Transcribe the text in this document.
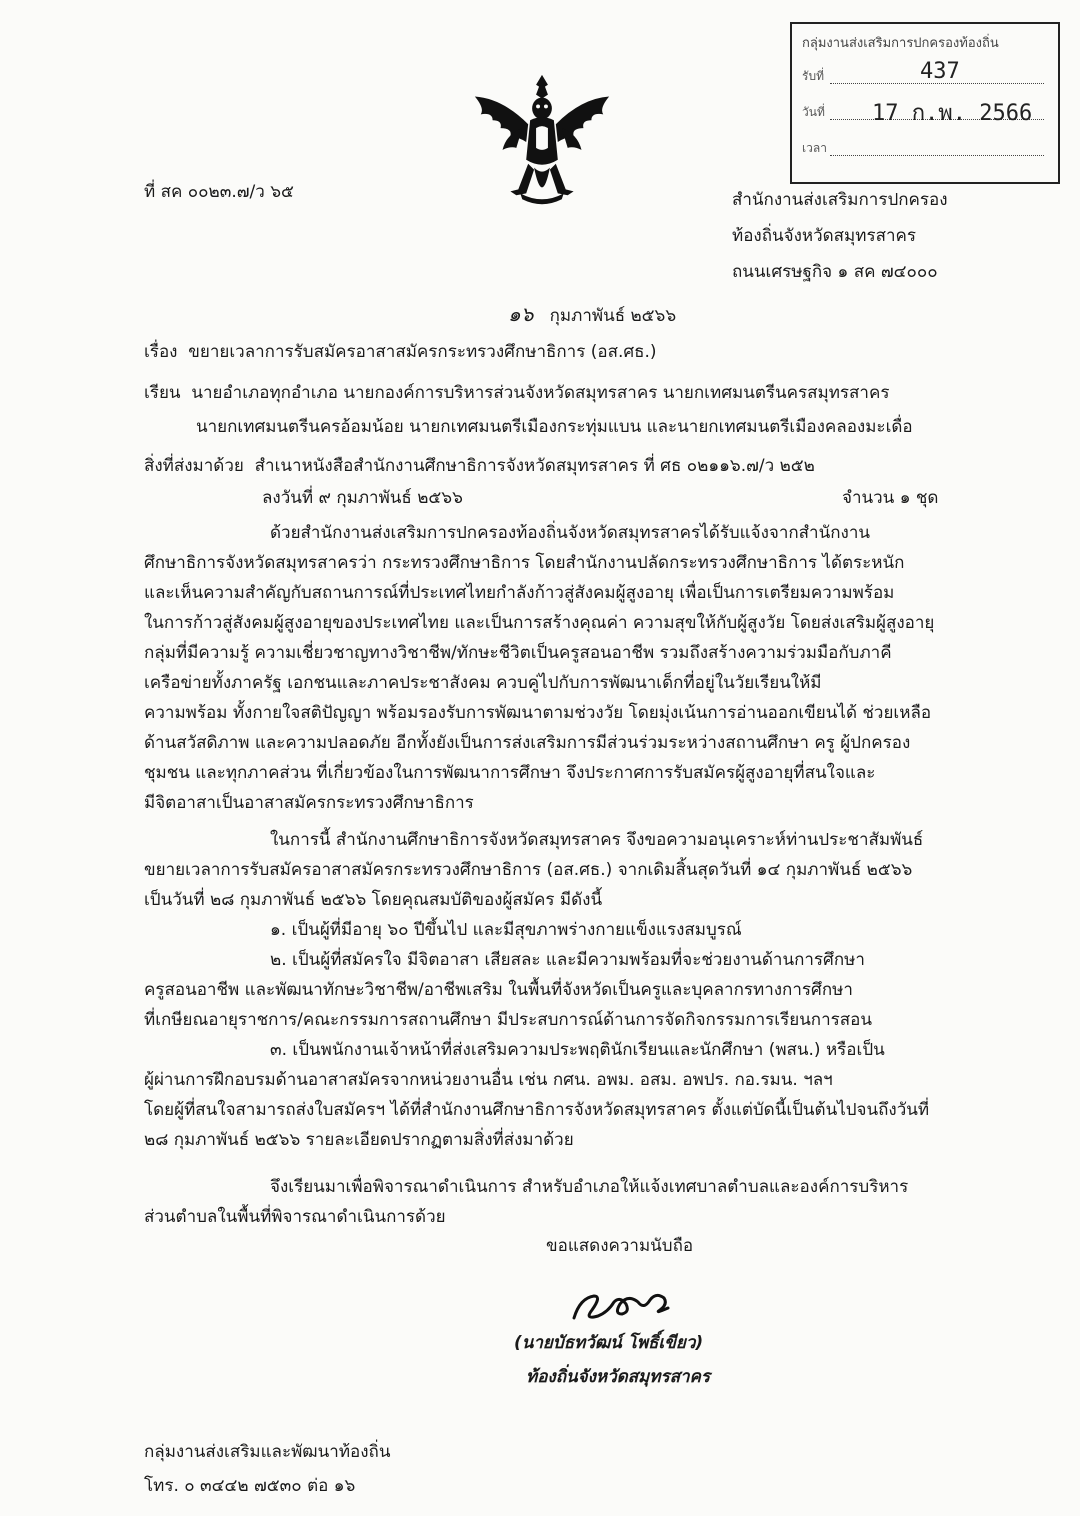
กลุ่มงานส่งเสริมการปกครองท้องถิ่น
รับที่	437
วันที่ 17 ก.พ. 2566
เวลา
ที่ สค ๐๐๒๓.๗/ว ๖๕	สำนักงานส่งเสริมการปกครอง
ท้องถิ่นจังหวัดสมุทรสาคร
ถนนเศรษฐกิจ ๑ สค ๗๔๐๐๐
๑๖ กุมภาพันธ์ ๒๕๖๖
เรื่อง ขยายเวลาการรับสมัครอาสาสมัครกระทรวงศึกษาธิการ (อส.ศธ.)
เรียน นายอำเภอทุกอำเภอ นายกองค์การบริหารส่วนจังหวัดสมุทรสาคร นายกเทศมนตรีนครสมุทรสาคร
นายกเทศมนตรีนครอ้อมน้อย นายกเทศมนตรีเมืองกระทุ่มแบน และนายกเทศมนตรีเมืองคลองมะเดื่อ
สิ่งที่ส่งมาด้วย สำเนาหนังสือสำนักงานศึกษาธิการจังหวัดสมุทรสาคร ที่ ศธ ๐๒๑๑๖.๗/ว ๒๕๒
ลงวันที่ ๙ กุมภาพันธ์ ๒๕๖๖	จำนวน ๑ ชุด
ด้วยสำนักงานส่งเสริมการปกครองท้องถิ่นจังหวัดสมุทรสาครได้รับแจ้งจากสำนักงาน
ศึกษาธิการจังหวัดสมุทรสาครว่า กระทรวงศึกษาธิการ โดยสำนักงานปลัดกระทรวงศึกษาธิการ ได้ตระหนัก
และเห็นความสำคัญกับสถานการณ์ที่ประเทศไทยกำลังก้าวสู่สังคมผู้สูงอายุ เพื่อเป็นการเตรียมความพร้อม
ในการก้าวสู่สังคมผู้สูงอายุของประเทศไทย และเป็นการสร้างคุณค่า ความสุขให้กับผู้สูงวัย โดยส่งเสริมผู้สูงอายุ
กลุ่มที่มีความรู้ ความเชี่ยวชาญทางวิชาชีพ/ทักษะชีวิตเป็นครูสอนอาชีพ รวมถึงสร้างความร่วมมือกับภาคี
เครือข่ายทั้งภาครัฐ เอกชนและภาคประชาสังคม ควบคู่ไปกับการพัฒนาเด็กที่อยู่ในวัยเรียนให้มี
ความพร้อม ทั้งกายใจสติปัญญา พร้อมรองรับการพัฒนาตามช่วงวัย โดยมุ่งเน้นการอ่านออกเขียนได้ ช่วยเหลือ
ด้านสวัสดิภาพ และความปลอดภัย อีกทั้งยังเป็นการส่งเสริมการมีส่วนร่วมระหว่างสถานศึกษา ครู ผู้ปกครอง
ชุมชน และทุกภาคส่วน ที่เกี่ยวข้องในการพัฒนาการศึกษา จึงประกาศการรับสมัครผู้สูงอายุที่สนใจและ
มีจิตอาสาเป็นอาสาสมัครกระทรวงศึกษาธิการ
ในการนี้ สำนักงานศึกษาธิการจังหวัดสมุทรสาคร จึงขอความอนุเคราะห์ท่านประชาสัมพันธ์
ขยายเวลาการรับสมัครอาสาสมัครกระทรวงศึกษาธิการ (อส.ศธ.) จากเดิมสิ้นสุดวันที่ ๑๔ กุมภาพันธ์ ๒๕๖๖
เป็นวันที่ ๒๘ กุมภาพันธ์ ๒๕๖๖ โดยคุณสมบัติของผู้สมัคร มีดังนี้
๑. เป็นผู้ที่มีอายุ ๖๐ ปีขึ้นไป และมีสุขภาพร่างกายแข็งแรงสมบูรณ์
๒. เป็นผู้ที่สมัครใจ มีจิตอาสา เสียสละ และมีความพร้อมที่จะช่วยงานด้านการศึกษา
ครูสอนอาชีพ และพัฒนาทักษะวิชาชีพ/อาชีพเสริม ในพื้นที่จังหวัดเป็นครูและบุคลากรทางการศึกษา
ที่เกษียณอายุราชการ/คณะกรรมการสถานศึกษา มีประสบการณ์ด้านการจัดกิจกรรมการเรียนการสอน
๓. เป็นพนักงานเจ้าหน้าที่ส่งเสริมความประพฤตินักเรียนและนักศึกษา (พสน.) หรือเป็น
ผู้ผ่านการฝึกอบรมด้านอาสาสมัครจากหน่วยงานอื่น เช่น กศน. อพม. อสม. อพปร. กอ.รมน. ฯลฯ
โดยผู้ที่สนใจสามารถส่งใบสมัครฯ ได้ที่สำนักงานศึกษาธิการจังหวัดสมุทรสาคร ตั้งแต่บัดนี้เป็นต้นไปจนถึงวันที่
๒๘ กุมภาพันธ์ ๒๕๖๖ รายละเอียดปรากฏตามสิ่งที่ส่งมาด้วย
จึงเรียนมาเพื่อพิจารณาดำเนินการ สำหรับอำเภอให้แจ้งเทศบาลตำบลและองค์การบริหาร
ส่วนตำบลในพื้นที่พิจารณาดำเนินการด้วย
ขอแสดงความนับถือ
(นายบัธทวัฒน์ โพธิ์เขียว)
ท้องถิ่นจังหวัดสมุทรสาคร
กลุ่มงานส่งเสริมและพัฒนาท้องถิ่น
โทร. ๐ ๓๔๔๒ ๗๕๓๐ ต่อ ๑๖
